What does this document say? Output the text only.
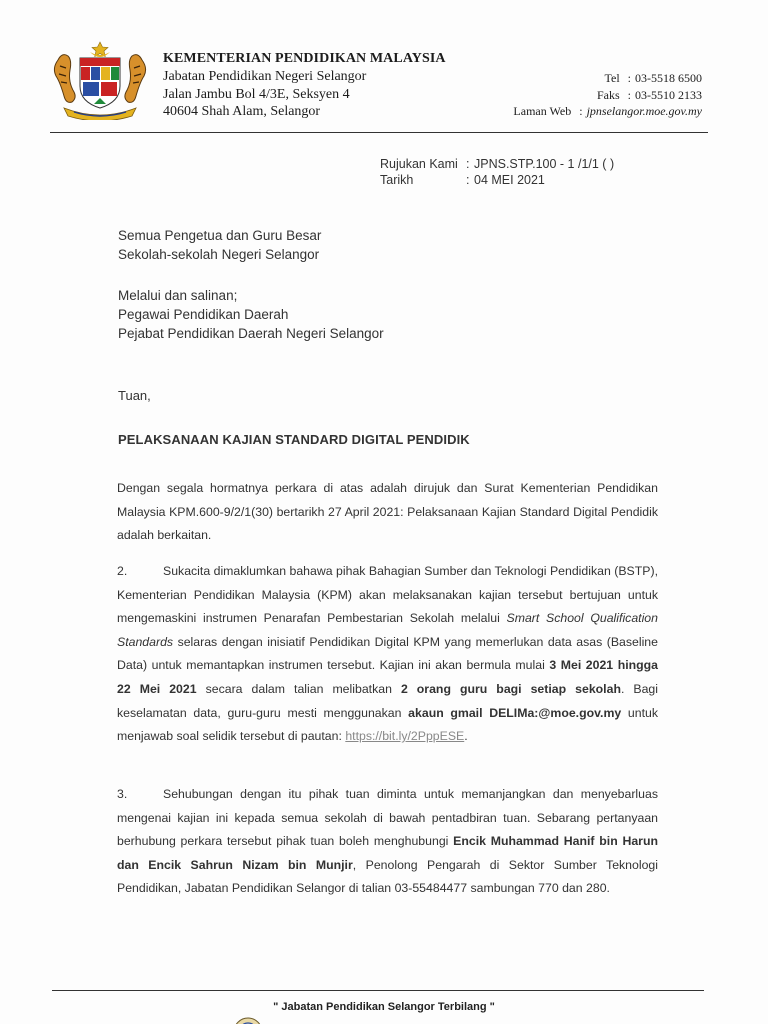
KEMENTERIAN PENDIDIKAN MALAYSIA
Jabatan Pendidikan Negeri Selangor
Jalan Jambu Bol 4/3E, Seksyen 4
40604 Shah Alam, Selangor
Tel : 03-5518 6500
Faks : 03-5510 2133
Laman Web : jpnselangor.moe.gov.my
Rujukan Kami : JPNS.STP.100 - 1 /1/1 ( )
Tarikh	: 04 MEI 2021
Semua Pengetua dan Guru Besar
Sekolah-sekolah Negeri Selangor
Melalui dan salinan;
Pegawai Pendidikan Daerah
Pejabat Pendidikan Daerah Negeri Selangor
Tuan,
PELAKSANAAN KAJIAN STANDARD DIGITAL PENDIDIK
Dengan segala hormatnya perkara di atas adalah dirujuk dan Surat Kementerian Pendidikan Malaysia KPM.600-9/2/1(30) bertarikh 27 April 2021: Pelaksanaan Kajian Standard Digital Pendidik adalah berkaitan.
2.	Sukacita dimaklumkan bahawa pihak Bahagian Sumber dan Teknologi Pendidikan (BSTP), Kementerian Pendidikan Malaysia (KPM) akan melaksanakan kajian tersebut bertujuan untuk mengemaskini instrumen Penarafan Pembestarian Sekolah melalui Smart School Qualification Standards selaras dengan inisiatif Pendidikan Digital KPM yang memerlukan data asas (Baseline Data) untuk memantapkan instrumen tersebut. Kajian ini akan bermula mulai 3 Mei 2021 hingga 22 Mei 2021 secara dalam talian melibatkan 2 orang guru bagi setiap sekolah. Bagi keselamatan data, guru-guru mesti menggunakan akaun gmail DELIMa:@moe.gov.my untuk menjawab soal selidik tersebut di pautan: https://bit.ly/2PppESE.
3.	Sehubungan dengan itu pihak tuan diminta untuk memanjangkan dan menyebarluas mengenai kajian ini kepada semua sekolah di bawah pentadbiran tuan. Sebarang pertanyaan berhubung perkara tersebut pihak tuan boleh menghubungi Encik Muhammad Hanif bin Harun dan Encik Sahrun Nizam bin Munjir, Penolong Pengarah di Sektor Sumber Teknologi Pendidikan, Jabatan Pendidikan Selangor di talian 03-55484477 sambungan 770 dan 280.
" Jabatan Pendidikan Selangor Terbilang "
